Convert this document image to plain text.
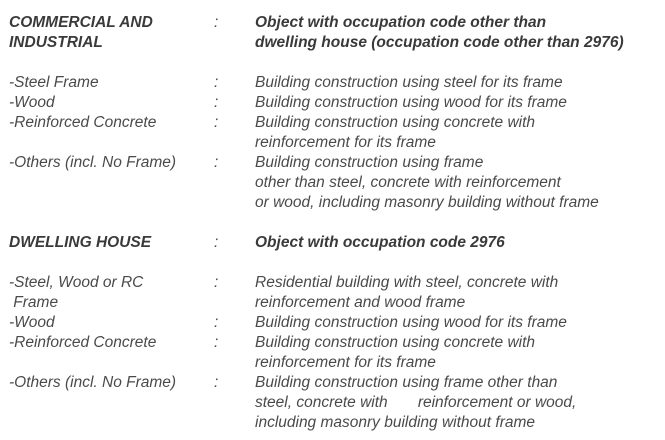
COMMERCIAL AND	: Object with occupation code other than
INDUSTRIAL	dwelling house (occupation code other than 2976)
-Steel Frame	: Building construction using steel for its frame
-Wood	: Building construction using wood for its frame
-Reinforced Concrete	: Building construction using concrete with
reinforcement for its frame
-Others (incl. No Frame) : Building construction using frame
other than steel, concrete with reinforcement
or wood, including masonry building without frame
DWELLING HOUSE	: Object with occupation code 2976
-Steel, Wood or RC	: Residential building with steel, concrete with
Frame	reinforcement and wood frame
-Wood	: Building construction using wood for its frame
-Reinforced Concrete	: Building construction using concrete with
reinforcement for its frame
-Others (incl. No Frame) : Building construction using frame other than
steel, concrete with       reinforcement or wood,
including masonry building without frame
